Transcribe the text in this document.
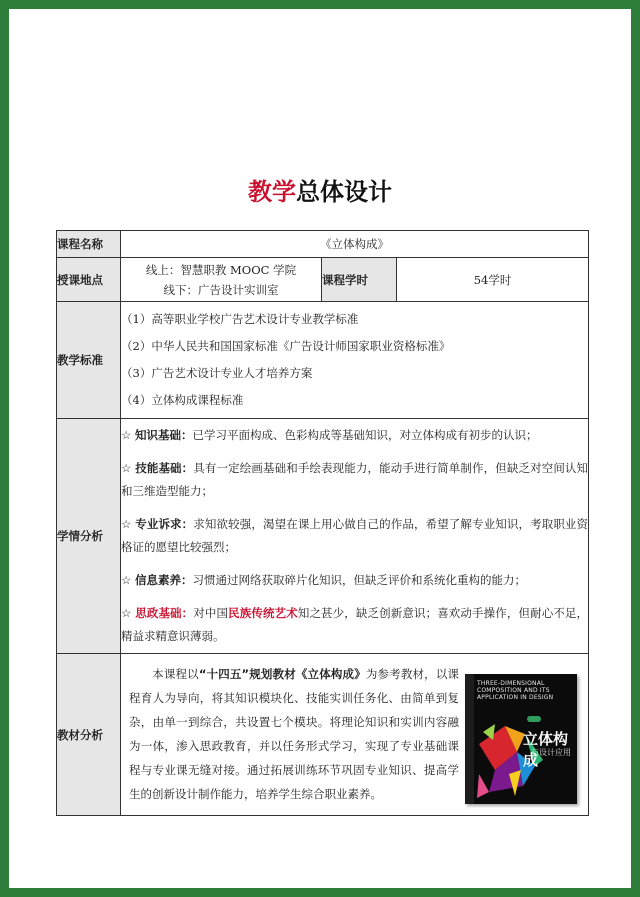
教学总体设计
课程名称	《立体构成》		
授课地点	线上：智慧职教 MOOC 学院
线下：广告设计实训室	课程学时	54学时
教学标准	（1）高等职业学校广告艺术设计专业教学标准
（2）中华人民共和国国家标准《广告设计师国家职业资格标准》
（3）广告艺术设计专业人才培养方案
（4）立体构成课程标准		

学情分析	☆ 知识基础：已学习平面构成、色彩构成等基础知识，对立体构成有初步的认识；

☆ 技能基础：具有一定绘画基础和手绘表现能力，能动手进行简单制作，但缺乏对空间认知和三维造型能力；

☆ 专业诉求：求知欲较强，渴望在课上用心做自己的作品，希望了解专业知识，考取职业资格证的愿望比较强烈；

☆ 信息素养：习惯通过网络获取碎片化知识，但缺乏评价和系统化重构的能力；

☆ 思政基础：对中国民族传统艺术知之甚少，缺乏创新意识；喜欢动手操作，但耐心不足，精益求精意识薄弱。		

教材分析	
  本课程以“十四五”规划教材《立体构成》为参考教材，以课程育人为导向，将其知识模块化、技能实训任务化、由简单到复杂，由单一到综合，共设置七个模块。将理论知识和实训内容融为一体，渗入思政教育，并以任务形式学习，实现了专业基础课程与专业课无缝对接。通过拓展训练环节巩固专业知识、提高学生的创新设计制作能力，培养学生综合职业素养。
THREE-DIMENSIONAL COMPOSITION AND ITS APPLICATION IN DESIGN
立体构成
与设计应用		
